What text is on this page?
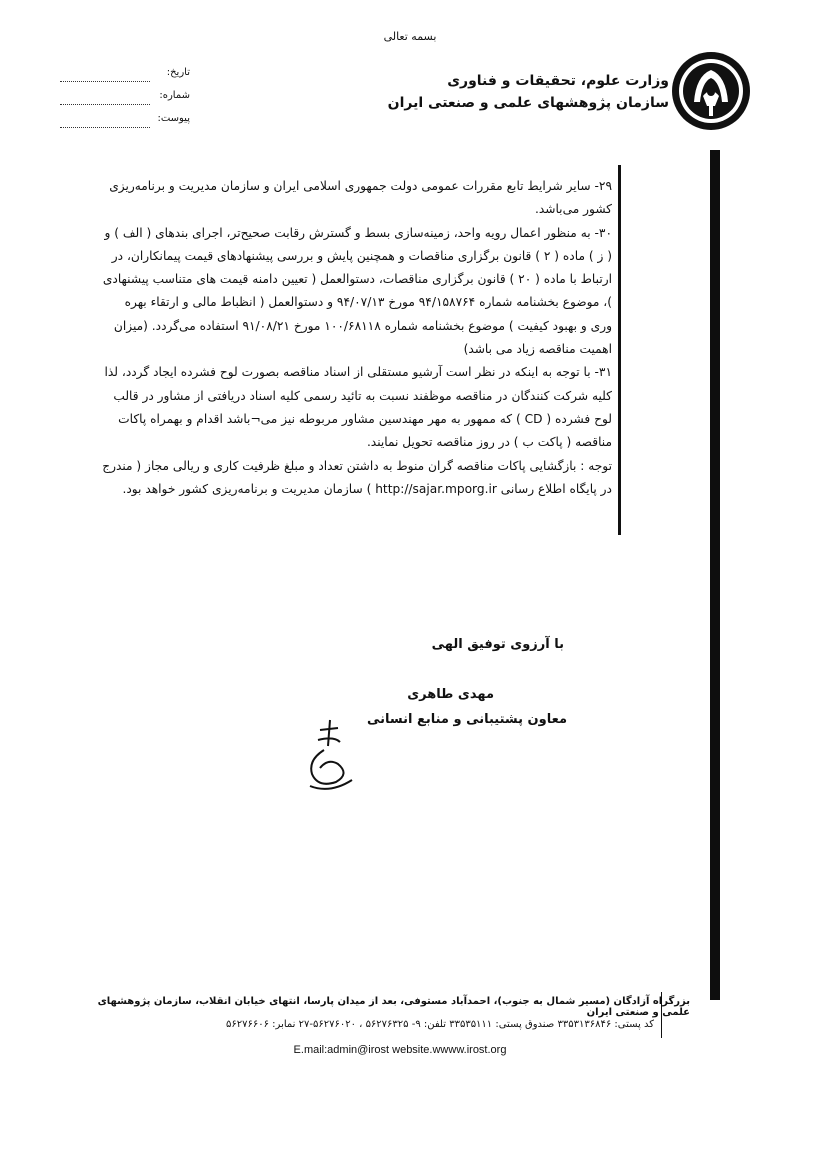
بسمه تعالی
وزارت علوم، تحقیقات و فناوری
سازمان پژوهشهای علمی و صنعتی ایران
تاریخ:
شماره:
پیوست:

۲۹- سایر شرایط تابع مقررات عمومی دولت جمهوری اسلامی ایران و سازمان مدیریت و برنامه‌ریزی کشور می‌باشد.

۳۰- به منظور اعمال رویه واحد، زمینه‌سازی بسط و گسترش رقابت صحیح‌تر، اجرای بندهای ( الف ) و ( ز ) ماده ( ۲ ) قانون برگزاری مناقصات و همچنین پایش و بررسی پیشنهادهای قیمت پیمانکاران، در ارتباط با ماده ( ۲۰ ) قانون برگزاری مناقصات، دستوالعمل ( تعیین دامنه قیمت های متناسب پیشنهادی )، موضوع بخشنامه شماره ۹۴/۱۵۸۷۶۴ مورخ ۹۴/۰۷/۱۳ و دستوالعمل ( انظباط مالی و ارتقاء بهره وری و بهبود کیفیت ) موضوع بخشنامه شماره ۱۰۰/۶۸۱۱۸ مورخ ۹۱/۰۸/۲۱ استفاده می‌گردد. (میزان اهمیت مناقصه زیاد می باشد)

۳۱- با توجه به اینکه در نظر است آرشیو مستقلی از اسناد مناقصه بصورت لوح فشرده ایجاد گردد، لذا کلیه شرکت کنندگان در مناقصه موظفند نسبت به تائید رسمی کلیه اسناد دریافتی از مشاور در قالب لوح فشرده ( CD ) که ممهور به مهر مهندسین مشاور مربوطه نیز می¬باشد اقدام و بهمراه پاکات مناقصه ( پاکت ب ) در روز مناقصه تحویل نمایند.

توجه : بازگشایی پاکات مناقصه گران منوط به داشتن تعداد و مبلغ ظرفیت کاری و ریالی مجاز ( مندرج در پایگاه اطلاع رسانی http://sajar.mporg.ir ) سازمان مدیریت و برنامه‌ریزی کشور خواهد بود.

با آرزوی توفیق الهی
مهدی طاهری
معاون پشتیبانی و منابع انسانی
بزرگراه آزادگان (مسیر شمال به جنوب)، احمدآباد مستوفی، بعد از میدان پارسا، انتهای خیابان انقلاب، سازمان پژوهشهای علمی و صنعتی ایران
کد پستی: ۳۳۵۳۱۳۶۸۴۶ صندوق پستی: ۳۳۵۳۵۱۱۱ تلفن: ۹- ۵۶۲۷۶۳۲۵ ، ۵۶۲۷۶۰۲۰-۲۷ نمابر: ۵۶۲۷۶۶۰۶
E.mail:admin@irost website.wwww.irost.org
